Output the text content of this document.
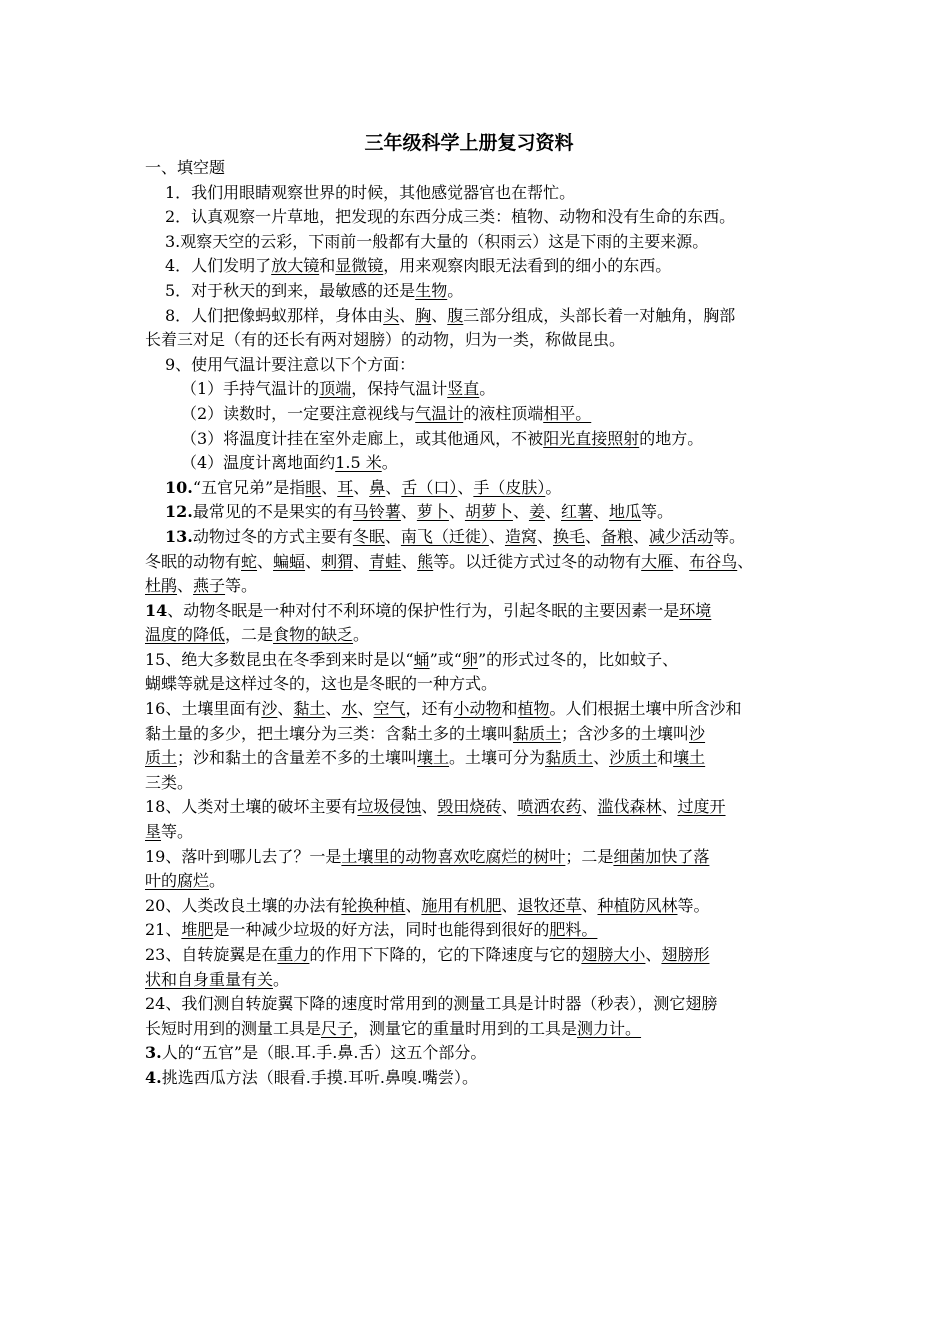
三年级科学上册复习资料
一、填空题
1．我们用眼睛观察世界的时候，其他感觉器官也在帮忙。
2．认真观察一片草地，把发现的东西分成三类：植物、动物和没有生命的东西。
3.观察天空的云彩，下雨前一般都有大量的（积雨云）这是下雨的主要来源。
4．人们发明了放大镜和显微镜，用来观察肉眼无法看到的细小的东西。
5．对于秋天的到来，最敏感的还是生物。
8．人们把像蚂蚁那样，身体由头、胸、腹三部分组成，头部长着一对触角，胸部
长着三对足（有的还长有两对翅膀）的动物，归为一类，称做昆虫。
9、使用气温计要注意以下个方面：
（1）手持气温计的顶端，保持气温计竖直。
（2）读数时，一定要注意视线与气温计的液柱顶端相平。
（3）将温度计挂在室外走廊上，或其他通风，不被阳光直接照射的地方。
（4）温度计离地面约1.5 米。
10.“五官兄弟”是指眼、耳、鼻、舌（口）、手（皮肤）。
12.最常见的不是果实的有马铃薯、萝卜、胡萝卜、姜、红薯、地瓜等。
13.动物过冬的方式主要有冬眠、南飞（迁徙）、造窝、换毛、备粮、减少活动等。
冬眠的动物有蛇、蝙蝠、刺猬、青蛙、熊等。以迁徙方式过冬的动物有大雁、布谷鸟、
杜鹃、燕子等。
14、动物冬眠是一种对付不利环境的保护性行为，引起冬眠的主要因素一是环境
温度的降低，二是食物的缺乏。
15、绝大多数昆虫在冬季到来时是以“蛹”或“卵”的形式过冬的，比如蚊子、
蝴蝶等就是这样过冬的，这也是冬眠的一种方式。
16、土壤里面有沙、黏土、水、空气，还有小动物和植物。人们根据土壤中所含沙和
黏土量的多少，把土壤分为三类：含黏土多的土壤叫黏质土；含沙多的土壤叫沙
质土；沙和黏土的含量差不多的土壤叫壤土。土壤可分为黏质土、沙质土和壤土
三类。
18、人类对土壤的破坏主要有垃圾侵蚀、毁田烧砖、喷洒农药、滥伐森林、过度开
垦等。
19、落叶到哪儿去了？一是土壤里的动物喜欢吃腐烂的树叶；二是细菌加快了落
叶的腐烂。
20、人类改良土壤的办法有轮换种植、施用有机肥、退牧还草、种植防风林等。
21、堆肥是一种减少垃圾的好方法，同时也能得到很好的肥料。
23、自转旋翼是在重力的作用下下降的，它的下降速度与它的翅膀大小、翅膀形
状和自身重量有关。
24、我们测自转旋翼下降的速度时常用到的测量工具是计时器（秒表），测它翅膀
长短时用到的测量工具是尺子，测量它的重量时用到的工具是测力计。
3.人的“五官”是（眼.耳.手.鼻.舌）这五个部分。
4.挑选西瓜方法（眼看.手摸.耳听.鼻嗅.嘴尝）。
